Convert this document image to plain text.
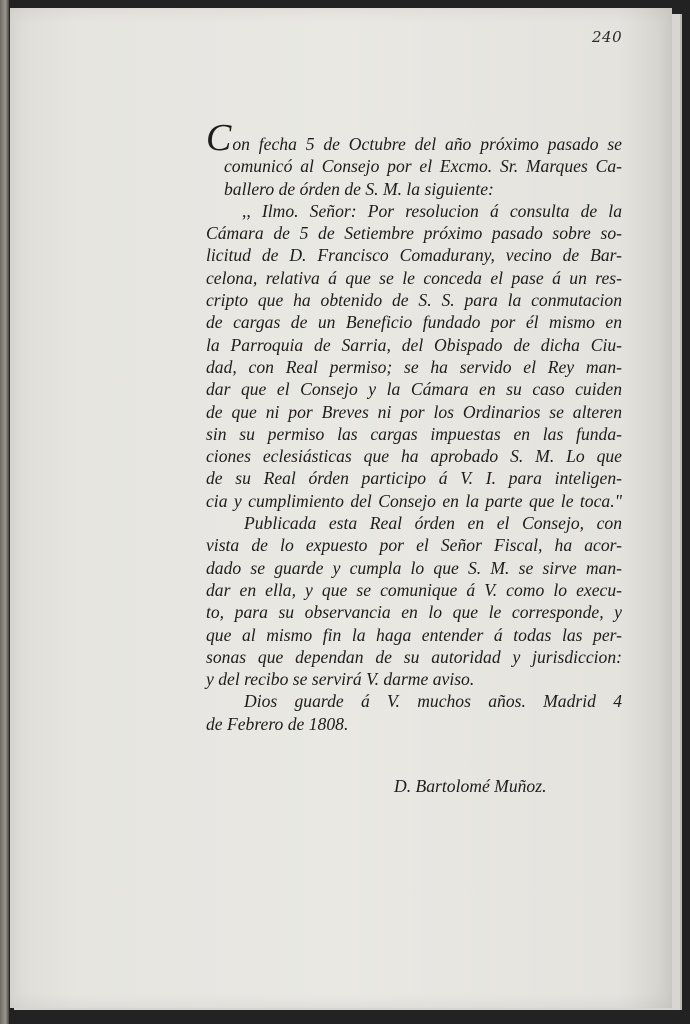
240
Con fecha 5 de Octubre del año próximo pasado se
comunicó al Consejo por el Excmo. Sr. Marques Ca-
ballero de órden de S. M. la siguiente:
,, Ilmo. Señor: Por resolucion á consulta de la
Cámara de 5 de Setiembre próximo pasado sobre so-
licitud de D. Francisco Comadurany, vecino de Bar-
celona, relativa á que se le conceda el pase á un res-
cripto que ha obtenido de S. S. para la conmutacion
de cargas de un Beneficio fundado por él mismo en
la Parroquia de Sarria, del Obispado de dicha Ciu-
dad, con Real permiso; se ha servido el Rey man-
dar que el Consejo y la Cámara en su caso cuiden
de que ni por Breves ni por los Ordinarios se alteren
sin su permiso las cargas impuestas en las funda-
ciones eclesiásticas que ha aprobado S. M. Lo que
de su Real órden participo á V. I. para inteligen-
cia y cumplimiento del Consejo en la parte que le toca."
Publicada esta Real órden en el Consejo, con
vista de lo expuesto por el Señor Fiscal, ha acor-
dado se guarde y cumpla lo que S. M. se sirve man-
dar en ella, y que se comunique á V. como lo execu-
to, para su observancia en lo que le corresponde, y
que al mismo fin la haga entender á todas las per-
sonas que dependan de su autoridad y jurisdiccion:
y del recibo se servirá V. darme aviso.
Dios guarde á V. muchos años. Madrid 4
de Febrero de 1808.
D. Bartolomé Muñoz.
